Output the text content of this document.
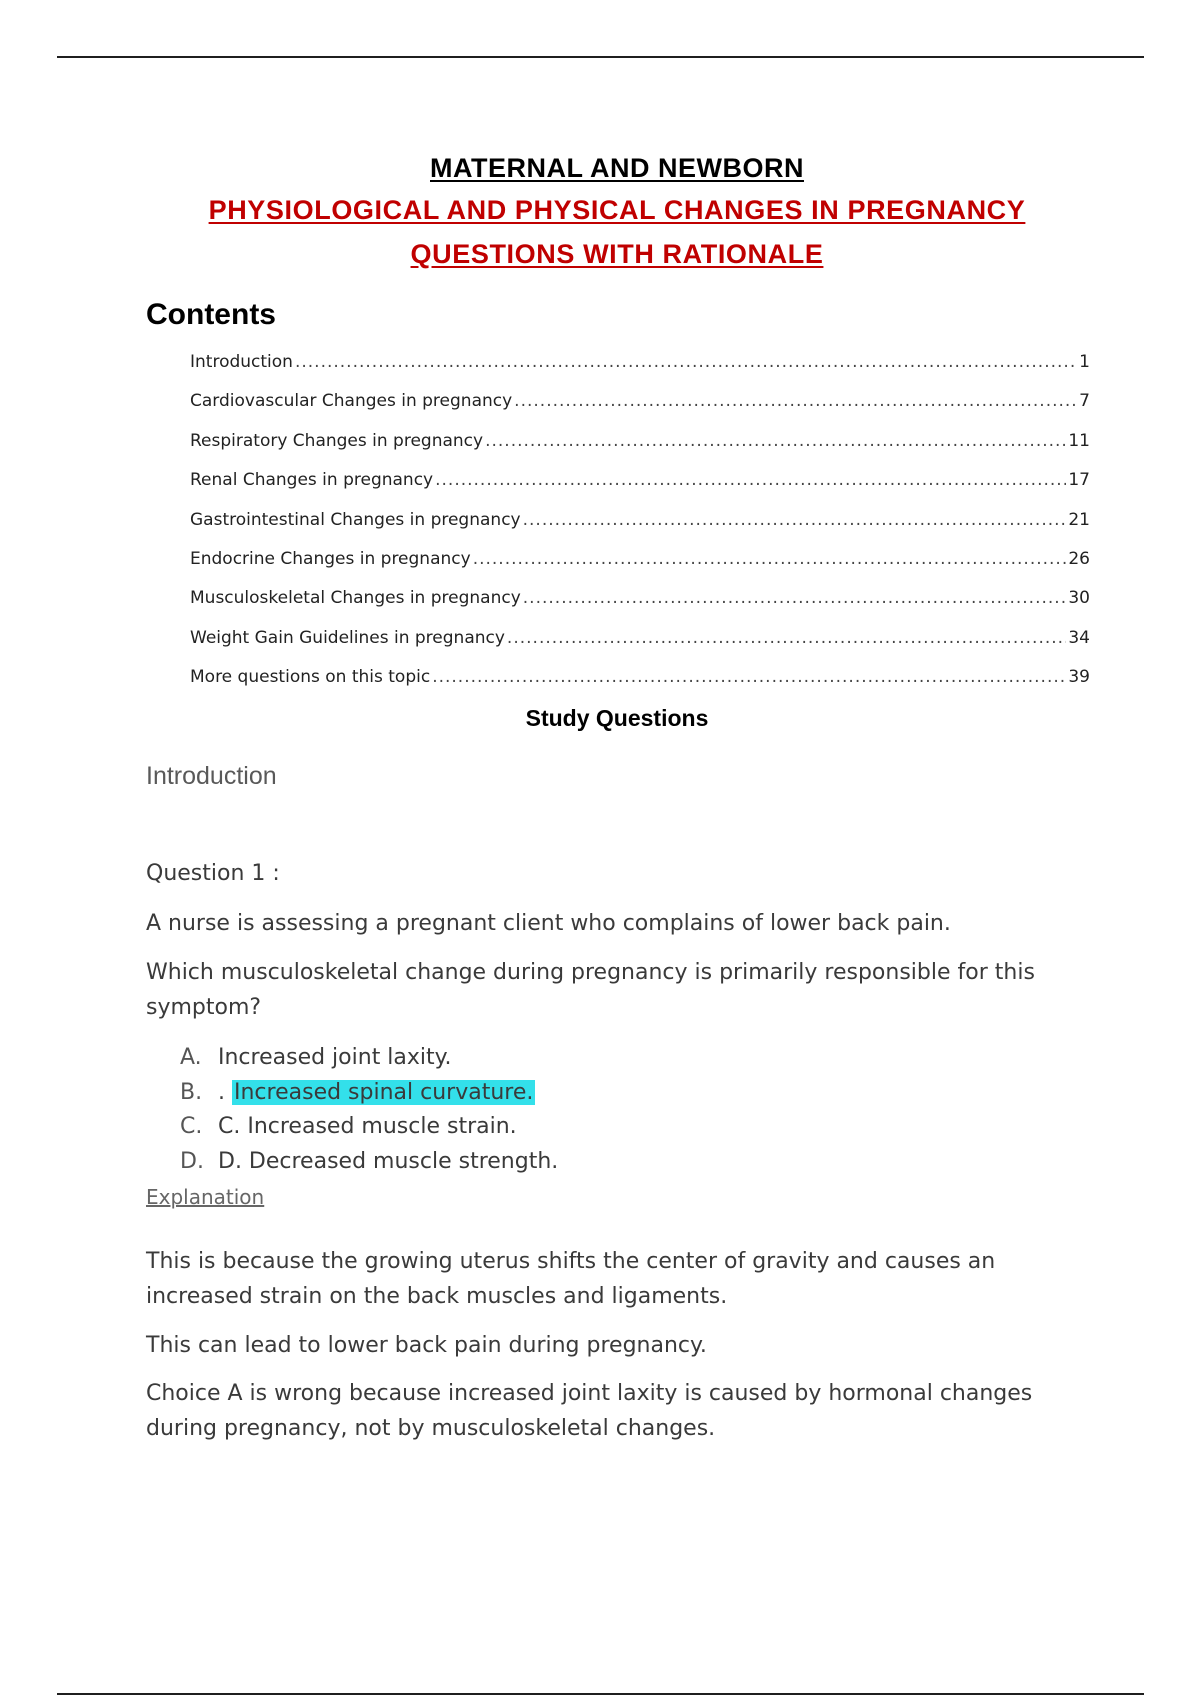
MATERNAL AND NEWBORN
PHYSIOLOGICAL AND PHYSICAL CHANGES IN PREGNANCY
QUESTIONS WITH RATIONALE
Contents
Introduction .....	1
Cardiovascular Changes in pregnancy .....	7
Respiratory Changes in pregnancy .....	11
Renal Changes in pregnancy .....	17
Gastrointestinal Changes in pregnancy .....	21
Endocrine Changes in pregnancy .....	26
Musculoskeletal Changes in pregnancy .....	30
Weight Gain Guidelines in pregnancy .....	34
More questions on this topic .....	39
Study Questions
Introduction
Question 1 :
A nurse is assessing a pregnant client who complains of lower back pain.
Which musculoskeletal change during pregnancy is primarily responsible for this symptom?
A. Increased joint laxity.
B. . Increased spinal curvature.
C. C. Increased muscle strain.
D. D. Decreased muscle strength.
Explanation
This is because the growing uterus shifts the center of gravity and causes an increased strain on the back muscles and ligaments.
This can lead to lower back pain during pregnancy.
Choice A is wrong because increased joint laxity is caused by hormonal changes during pregnancy, not by musculoskeletal changes.
